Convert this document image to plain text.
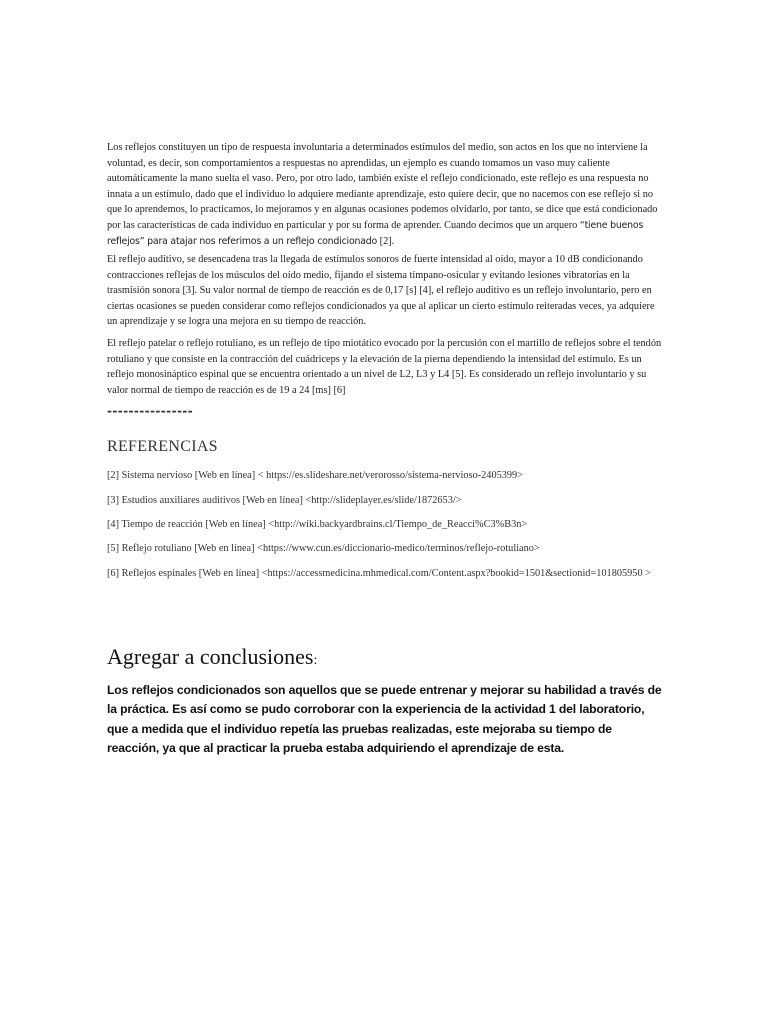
Los reflejos constituyen un tipo de respuesta involuntaria a determinados estímulos del medio, son actos en los que no interviene la voluntad, es decir, son comportamientos a respuestas no aprendidas, un ejemplo es cuando tomamos un vaso muy caliente automáticamente la mano suelta el vaso. Pero, por otro lado, también existe el reflejo condicionado, este reflejo es una respuesta no innata a un estímulo, dado que el individuo lo adquiere mediante aprendizaje, esto quiere decir, que no nacemos con ese reflejo si no que lo aprendemos, lo practicamos, lo mejoramos y en algunas ocasiones podemos olvidarlo, por tanto, se dice que está condicionado por las características de cada individuo en particular y por su forma de aprender. Cuando decimos que un arquero “tiene buenos reflejos” para atajar nos referimos a un reflejo condicionado [2].

El reflejo auditivo, se desencadena tras la llegada de estímulos sonoros de fuerte intensidad al oído, mayor a 10 dB condicionando contracciones reflejas de los músculos del oído medio, fijando el sistema tímpano-osicular y evitando lesiones vibratorias en la trasmisión sonora [3]. Su valor normal de tiempo de reacción es de 0,17 [s] [4], el reflejo auditivo es un reflejo involuntario, pero en ciertas ocasiones se pueden considerar como reflejos condicionados ya que al aplicar un cierto estímulo reiteradas veces, ya adquiere un aprendizaje y se logra una mejora en su tiempo de reacción.

El reflejo patelar o reflejo rotuliano, es un reflejo de tipo miotático evocado por la percusión con el martillo de reflejos sobre el tendón rotuliano y que consiste en la contracción del cuádriceps y la elevación de la pierna dependiendo la intensidad del estímulo. Es un reflejo monosináptico espinal que se encuentra orientado a un nivel de L2, L3 y L4 [5]. Es considerado un reflejo involuntario y su valor normal de tiempo de reacción es de 19 a 24 [ms] [6]

----------------
REFERENCIAS
[2] Sistema nervioso [Web en línea] < https://es.slideshare.net/verorosso/sistema-nervioso-2405399>
[3] Estudios auxiliares auditivos [Web en línea] <http://slideplayer.es/slide/1872653/>
[4] Tiempo de reacción [Web en línea] <http://wiki.backyardbrains.cl/Tiempo_de_Reacci%C3%B3n>
[5] Reflejo rotuliano [Web en línea] <https://www.cun.es/diccionario-medico/terminos/reflejo-rotuliano>
[6] Reflejos espinales [Web en línea] <https://accessmedicina.mhmedical.com/Content.aspx?bookid=1501&sectionid=101805950 >
Agregar a conclusiones:
Los reflejos condicionados son aquellos que se puede entrenar y mejorar su habilidad a través de la práctica. Es así como se pudo corroborar con la experiencia de la actividad 1 del laboratorio, que a medida que el individuo repetía las pruebas realizadas, este mejoraba su tiempo de reacción, ya que al practicar la prueba estaba adquiriendo el aprendizaje de esta.
